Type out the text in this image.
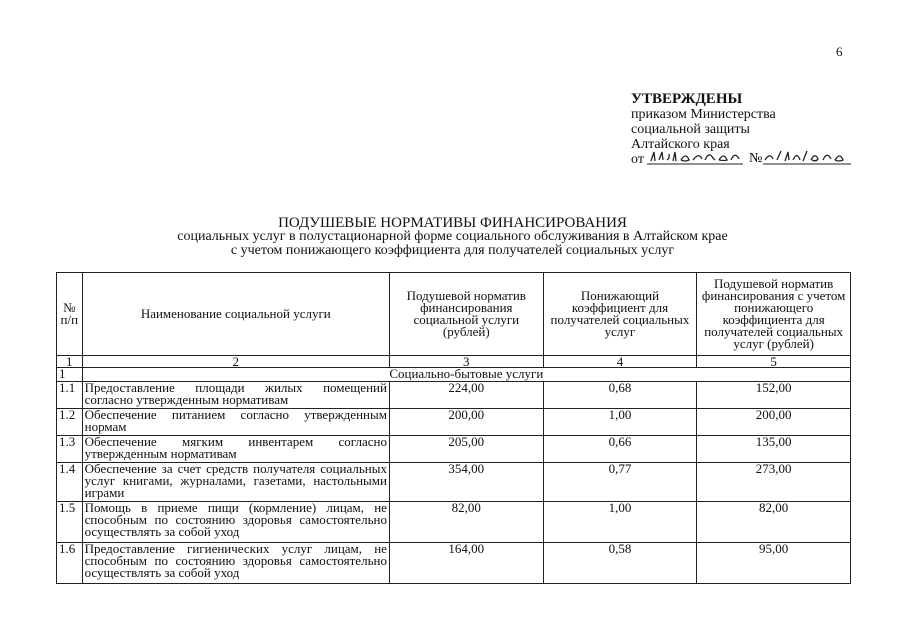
6
УТВЕРЖДЕНЫ
приказом Министерства
социальной защиты
Алтайского края
от	№
ПОДУШЕВЫЕ НОРМАТИВЫ ФИНАНСИРОВАНИЯ
социальных услуг в полустационарной форме социального обслуживания в Алтайском крае
с учетом понижающего коэффициента для получателей социальных услуг
№ п/п	Наименование социальной услуги	Подушевой норматив финансирования социальной услуги (рублей)	Понижающий коэффициент для получателей социальных услуг	Подушевой норматив финансирования с учетом понижающего коэффициента для получателей социальных услуг (рублей)
1	2	3	4	5
1	Социально-бытовые услуги			
1.1	Предоставление площади жилых помещений согласно утвержденным нормативам	224,00	0,68	152,00
1.2	Обеспечение питанием согласно утвержденным нормам	200,00	1,00	200,00
1.3	Обеспечение мягким инвентарем согласно утвержденным нормативам	205,00	0,66	135,00
1.4	Обеспечение за счет средств получателя социальных услуг книгами, журналами, газетами, настольными играми	354,00	0,77	273,00
1.5	Помощь в приеме пищи (кормление) лицам, не способным по состоянию здоровья самостоятельно осуществлять за собой уход	82,00	1,00	82,00
1.6	Предоставление гигиенических услуг лицам, не способным по состоянию здоровья самостоятельно осуществлять за собой уход	164,00	0,58	95,00
